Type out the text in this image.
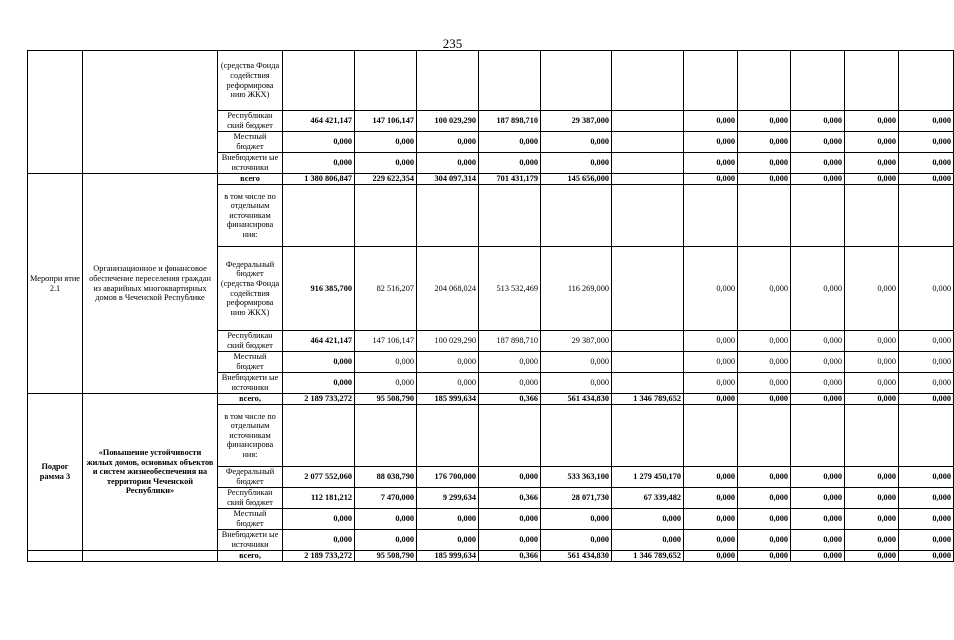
235
		(средства Фонда содействия реформирова нию ЖКХ)											
		Республикан ский бюджет	464 421,147	147 106,147	100 029,290	187 898,710	29 387,000		0,000	0,000	0,000	0,000	0,000
		Местный бюджет	0,000	0,000	0,000	0,000	0,000		0,000	0,000	0,000	0,000	0,000
		Внебюджети ые источники	0,000	0,000	0,000	0,000	0,000		0,000	0,000	0,000	0,000	0,000
Меропри ятие 2.1	Организационное и финансовое обеспечение переселения граждан из аварийных многоквартирных домов в Чеченской Республике	всего	1 380 806,847	229 622,354	304 097,314	701 431,179	145 656,000		0,000	0,000	0,000	0,000	0,000
		в том числе по отдельным источникам финансирова ния:											
		Федеральный бюджет (средства Фонда содействия реформирова нию ЖКХ)	916 385,700	82 516,207	204 068,024	513 532,469	116 269,000		0,000	0,000	0,000	0,000	0,000
		Республикан ский бюджет	464 421,147	147 106,147	100 029,290	187 898,710	29 387,000		0,000	0,000	0,000	0,000	0,000
		Местный бюджет	0,000	0,000	0,000	0,000	0,000		0,000	0,000	0,000	0,000	0,000
		Внебюджети ые источники	0,000	0,000	0,000	0,000	0,000		0,000	0,000	0,000	0,000	0,000
Подрог рамма 3	«Повышение устойчивости жилых домов, основных объектов и систем жизнеобеспечения на территории Чеченской Республики»	всего,	2 189 733,272	95 508,790	185 999,634	0,366	561 434,830	1 346 789,652	0,000	0,000	0,000	0,000	0,000
		в том числе по отдельным источникам финансирова ния:											
		Федеральный бюджет	2 077 552,060	88 038,790	176 700,000	0,000	533 363,100	1 279 450,170	0,000	0,000	0,000	0,000	0,000
		Республикан ский бюджет	112 181,212	7 470,000	9 299,634	0,366	28 071,730	67 339,482	0,000	0,000	0,000	0,000	0,000
		Местный бюджет	0,000	0,000	0,000	0,000	0,000	0,000	0,000	0,000	0,000	0,000	0,000
		Внебюджети ые источники	0,000	0,000	0,000	0,000	0,000	0,000	0,000	0,000	0,000	0,000	0,000
		всего,	2 189 733,272	95 508,790	185 999,634	0,366	561 434,830	1 346 789,652	0,000	0,000	0,000	0,000	0,000
